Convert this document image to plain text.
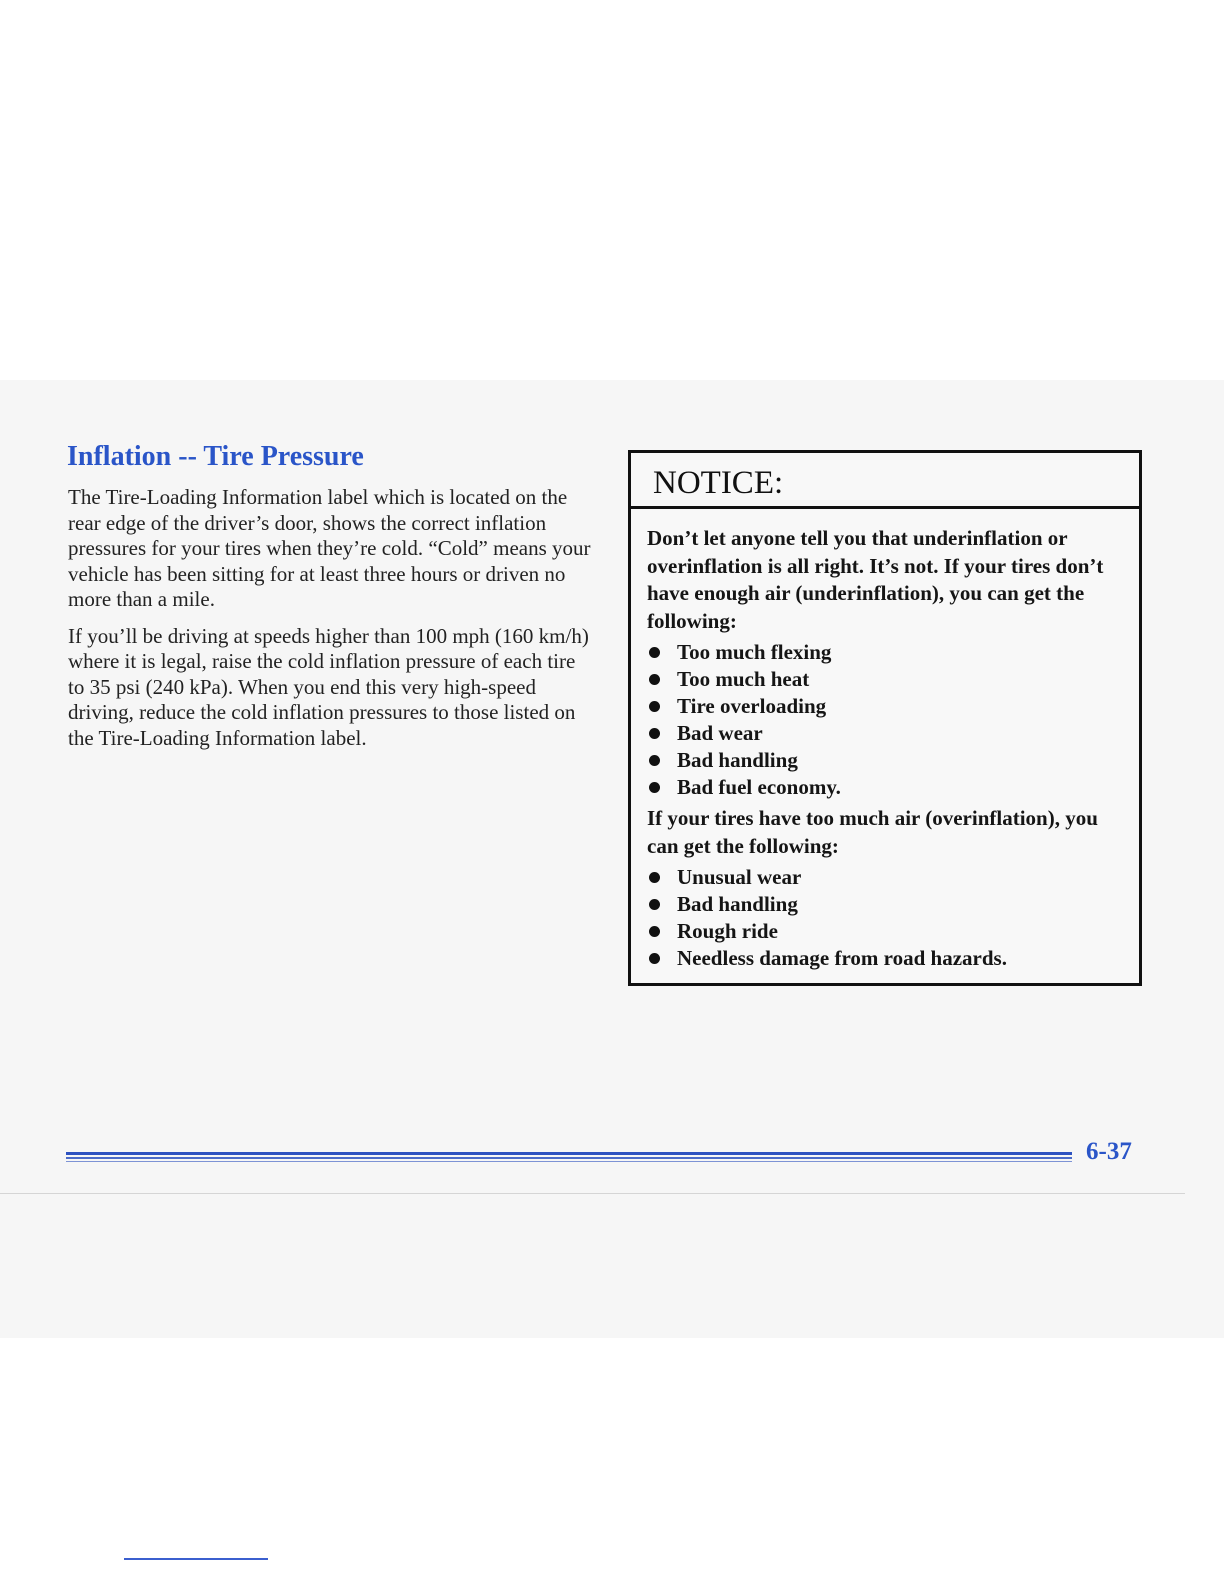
Inflation -- Tire Pressure

The Tire-Loading Information label which is located on the rear edge of the driver’s door, shows the correct inflation pressures for your tires when they’re cold. “Cold” means your vehicle has been sitting for at least three hours or driven no more than a mile.

If you’ll be driving at speeds higher than 100 mph (160 km/h) where it is legal, raise the cold inflation pressure of each tire to 35 psi (240 kPa). When you end this very high-speed driving, reduce the cold inflation pressures to those listed on the Tire-Loading Information label.

NOTICE:

Don’t let anyone tell you that underinflation or overinflation is all right. It’s not. If your tires don’t have enough air (underinflation), you can get the following:

Too much flexing
Too much heat
Tire overloading
Bad wear
Bad handling
Bad fuel economy.

If your tires have too much air (overinflation), you can get the following:

Unusual wear
Bad handling
Rough ride
Needless damage from road hazards.
6-37
